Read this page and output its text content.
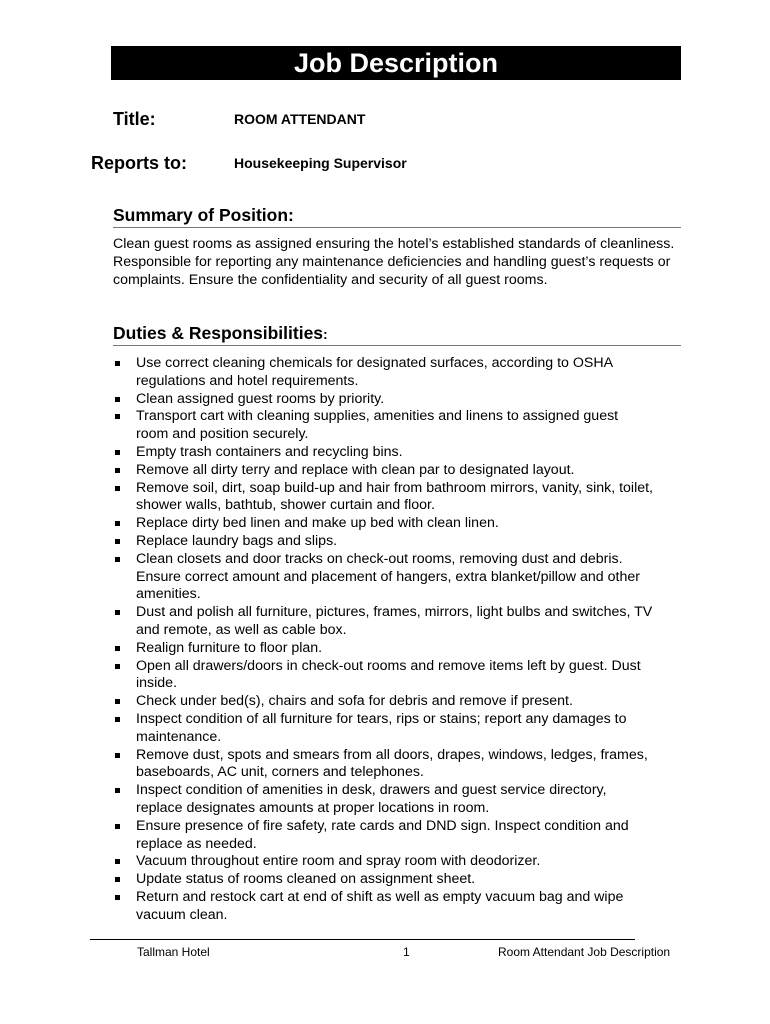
Job Description
Title:	ROOM ATTENDANT
Reports to:	Housekeeping Supervisor
Summary of Position:

Clean guest rooms as assigned ensuring the hotel’s established standards of cleanliness. Responsible for reporting any maintenance deficiencies and handling guest’s requests or complaints. Ensure the confidentiality and security of all guest rooms.

Duties & Responsibilities:
Use correct cleaning chemicals for designated surfaces, according to OSHA regulations and hotel requirements.
Clean assigned guest rooms by priority.
Transport cart with cleaning supplies, amenities and linens to assigned guest room and position securely.
Empty trash containers and recycling bins.
Remove all dirty terry and replace with clean par to designated layout.
Remove soil, dirt, soap build-up and hair from bathroom mirrors, vanity, sink, toilet, shower walls, bathtub, shower curtain and floor.
Replace dirty bed linen and make up bed with clean linen.
Replace laundry bags and slips.
Clean closets and door tracks on check-out rooms, removing dust and debris. Ensure correct amount and placement of hangers, extra blanket/pillow and other amenities.
Dust and polish all furniture, pictures, frames, mirrors, light bulbs and switches, TV and remote, as well as cable box.
Realign furniture to floor plan.
Open all drawers/doors in check-out rooms and remove items left by guest. Dust inside.
Check under bed(s), chairs and sofa for debris and remove if present.
Inspect condition of all furniture for tears, rips or stains; report any damages to maintenance.
Remove dust, spots and smears from all doors, drapes, windows, ledges, frames, baseboards, AC unit, corners and telephones.
Inspect condition of amenities in desk, drawers and guest service directory, replace designates amounts at proper locations in room.
Ensure presence of fire safety, rate cards and DND sign. Inspect condition and replace as needed.
Vacuum throughout entire room and spray room with deodorizer.
Update status of rooms cleaned on assignment sheet.
Return and restock cart at end of shift as well as empty vacuum bag and wipe vacuum clean.
Tallman Hotel	1	Room Attendant Job Description
